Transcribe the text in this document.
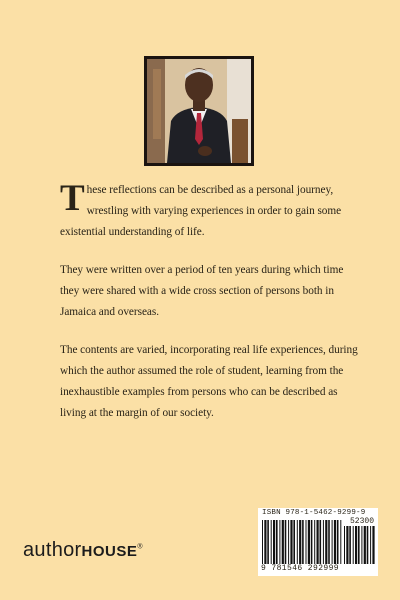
These reflections can be described as a personal journey, wrestling with varying experiences in order to gain some existential understanding of life.

They were written over a period of ten years during which time they were shared with a wide cross section of persons both in Jamaica and overseas.

The contents are varied, incorporating real life experiences, during which the author assumed the role of student, learning from the inexhaustible examples from persons who can be described as living at the margin of our society.

authorHOUSE®
ISBN 978-1-5462-9299-9
52300
9 781546 292999
